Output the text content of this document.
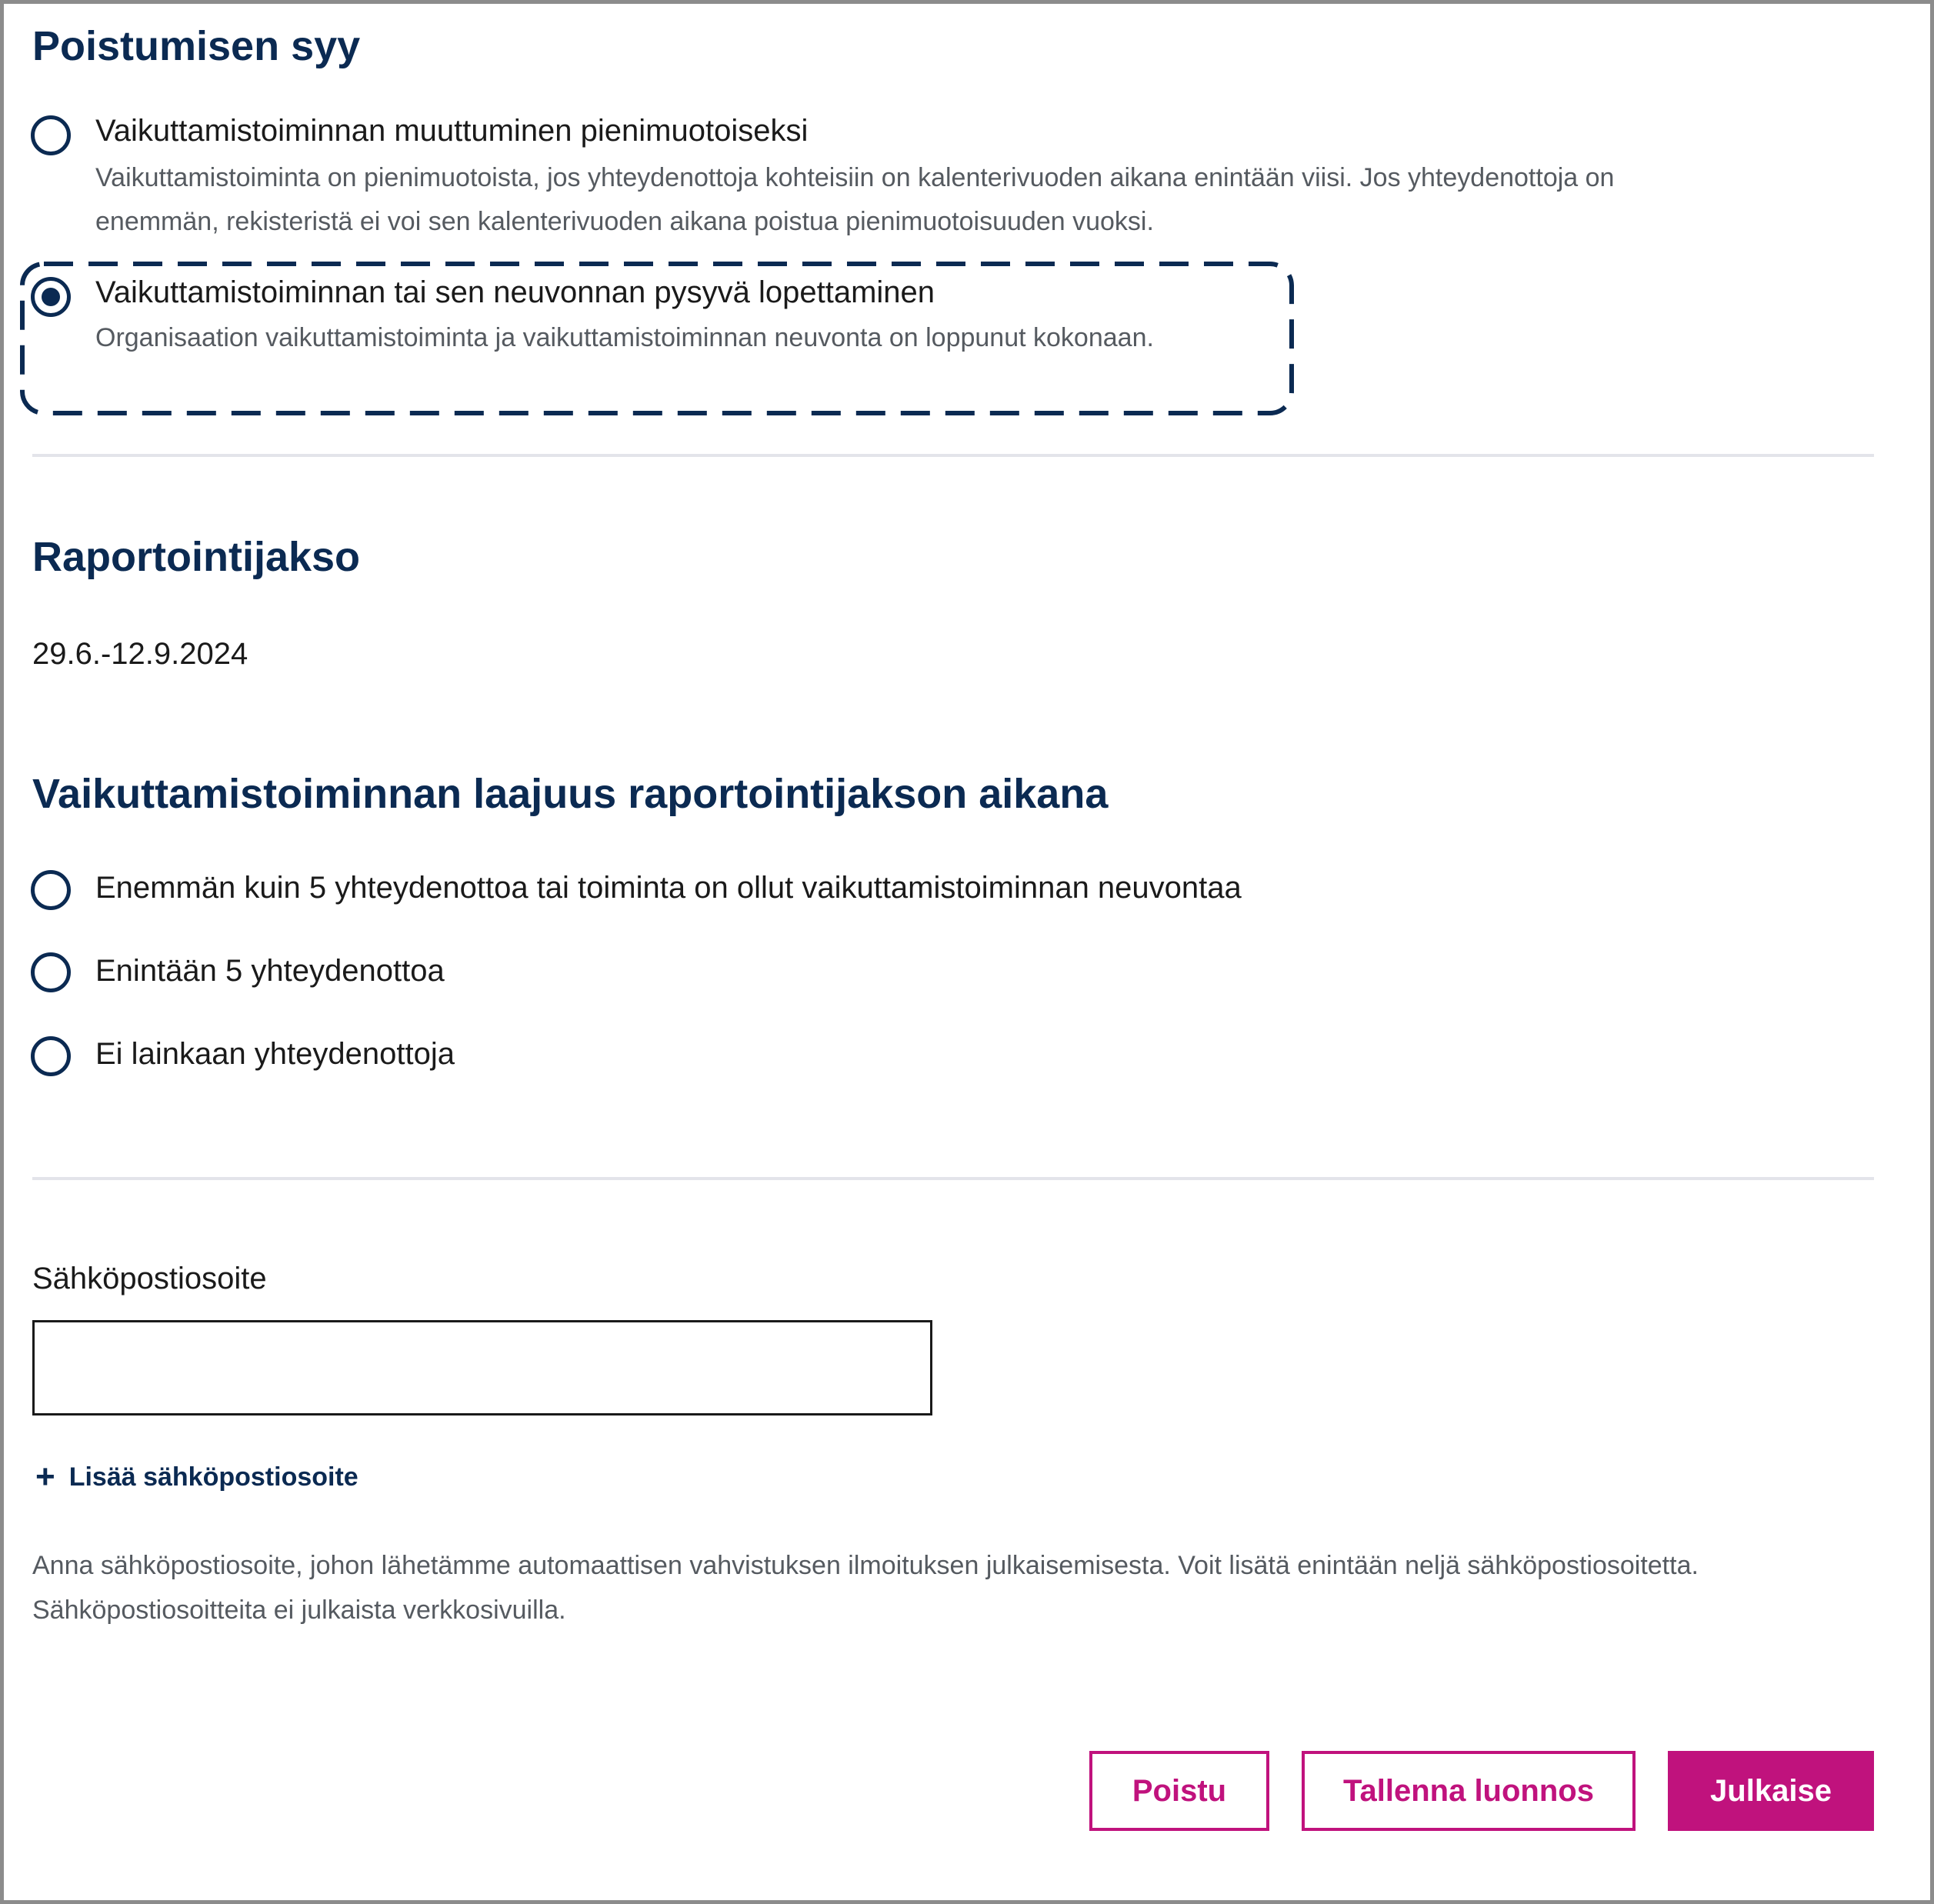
Poistumisen syy
Vaikuttamistoiminnan muuttuminen pienimuotoiseksi
Vaikuttamistoiminta on pienimuotoista, jos yhteydenottoja kohteisiin on kalenterivuoden aikana enintään viisi. Jos yhteydenottoja on
enemmän, rekisteristä ei voi sen kalenterivuoden aikana poistua pienimuotoisuuden vuoksi.
Vaikuttamistoiminnan tai sen neuvonnan pysyvä lopettaminen
Organisaation vaikuttamistoiminta ja vaikuttamistoiminnan neuvonta on loppunut kokonaan.
Raportointijakso
29.6.-12.9.2024
Vaikuttamistoiminnan laajuus raportointijakson aikana
Enemmän kuin 5 yhteydenottoa tai toiminta on ollut vaikuttamistoiminnan neuvontaa
Enintään 5 yhteydenottoa
Ei lainkaan yhteydenottoja
Sähköpostiosoite
+ Lisää sähköpostiosoite
Anna sähköpostiosoite, johon lähetämme automaattisen vahvistuksen ilmoituksen julkaisemisesta. Voit lisätä enintään neljä sähköpostiosoitetta.
Sähköpostiosoitteita ei julkaista verkkosivuilla.
Poistu	Tallenna luonnos	Julkaise
